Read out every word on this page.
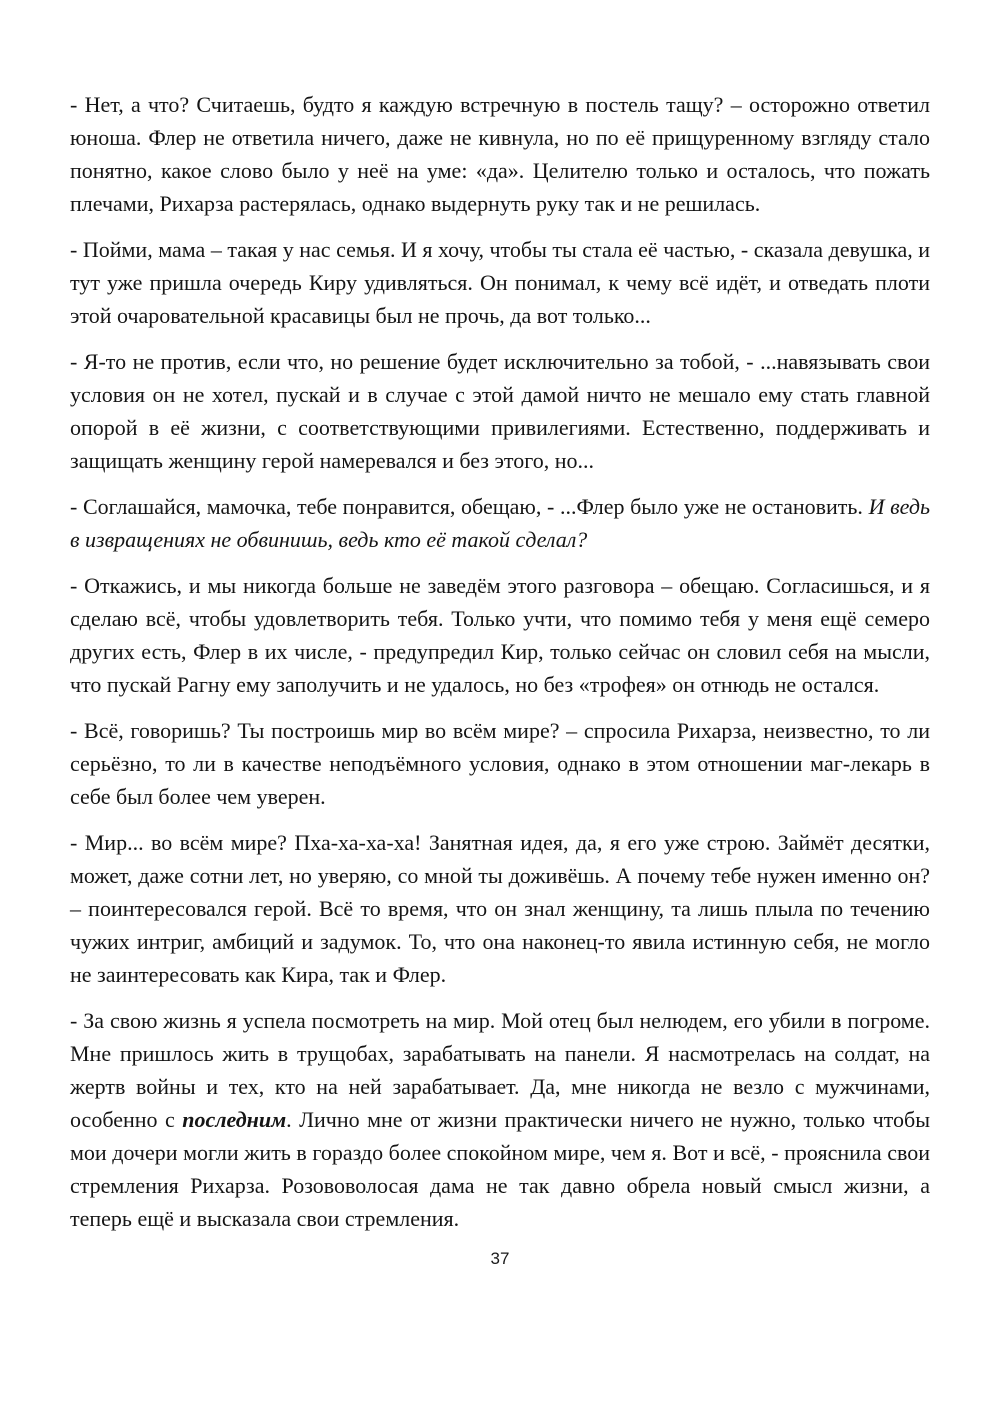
- Нет, а что? Считаешь, будто я каждую встречную в постель тащу? – осторожно ответил юноша. Флер не ответила ничего, даже не кивнула, но по её прищуренному взгляду стало понятно, какое слово было у неё на уме: «да». Целителю только и осталось, что пожать плечами, Рихарза растерялась, однако выдернуть руку так и не решилась.

- Пойми, мама – такая у нас семья. И я хочу, чтобы ты стала её частью, - сказала девушка, и тут уже пришла очередь Киру удивляться. Он понимал, к чему всё идёт, и отведать плоти этой очаровательной красавицы был не прочь, да вот только...

- Я-то не против, если что, но решение будет исключительно за тобой, - ...навязывать свои условия он не хотел, пускай и в случае с этой дамой ничто не мешало ему стать главной опорой в её жизни, с соответствующими привилегиями. Естественно, поддерживать и защищать женщину герой намеревался и без этого, но...

- Соглашайся, мамочка, тебе понравится, обещаю, - ...Флер было уже не остановить. И ведь в извращениях не обвинишь, ведь кто её такой сделал?

- Откажись, и мы никогда больше не заведём этого разговора – обещаю. Согласишься, и я сделаю всё, чтобы удовлетворить тебя. Только учти, что помимо тебя у меня ещё семеро других есть, Флер в их числе, - предупредил Кир, только сейчас он словил себя на мысли, что пускай Рагну ему заполучить и не удалось, но без «трофея» он отнюдь не остался.

- Всё, говоришь? Ты построишь мир во всём мире? – спросила Рихарза, неизвестно, то ли серьёзно, то ли в качестве неподъёмного условия, однако в этом отношении маг-лекарь в себе был более чем уверен.

- Мир... во всём мире? Пха-ха-ха-ха! Занятная идея, да, я его уже строю. Займёт десятки, может, даже сотни лет, но уверяю, со мной ты доживёшь. А почему тебе нужен именно он? – поинтересовался герой. Всё то время, что он знал женщину, та лишь плыла по течению чужих интриг, амбиций и задумок. То, что она наконец-то явила истинную себя, не могло не заинтересовать как Кира, так и Флер.

- За свою жизнь я успела посмотреть на мир. Мой отец был нелюдем, его убили в погроме. Мне пришлось жить в трущобах, зарабатывать на панели. Я насмотрелась на солдат, на жертв войны и тех, кто на ней зарабатывает. Да, мне никогда не везло с мужчинами, особенно с последним. Лично мне от жизни практически ничего не нужно, только чтобы мои дочери могли жить в гораздо более спокойном мире, чем я. Вот и всё, - прояснила свои стремления Рихарза. Розововолосая дама не так давно обрела новый смысл жизни, а теперь ещё и высказала свои стремления.

37
